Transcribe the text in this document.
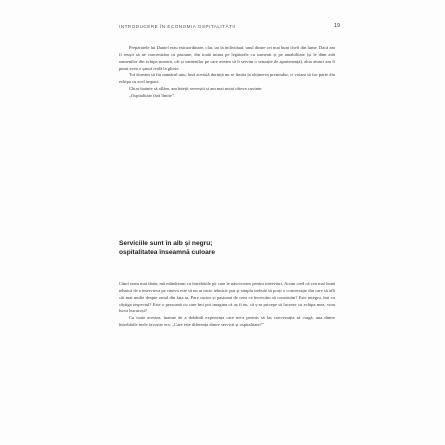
INTRODUCERE ÎN ECONOMIA OSPITALITĂȚII	19

Preparatele lui Daniel erau extraordinare, clar, iar la individual, unul dintre cei mai buni chefi din lume. Dacă am fi reușit să ne concentrăm cu pasiune, din toată inima pe legăturile cu oamenii și pe amabilitate (și le dăm atât oamenilor din echipa noastră, cât și oamenilor pe care aveam să îi servim o senzație de apartenență), abia atunci am fi putut avea o șansă reală la glorie.

Tot doream să fiu numărul unu, însă aceastã dorință nu se limita la obținerea premiului, ci voiam să fac parte din echipa cu acel impact.

Chiar înainte să aflăm, am întețit serveștii și am mai notat câteva cuvinte:

„Ospitalitate fără limite”.

Serviciile sunt în alb și negru;
ospitalitatea înseamnă culoare

Când eram mai tânăr, mă mândream cu întrebările pe care le născoceam pentru interviuri. Acum cred că cea mai bună tehnică de a intervieva pe cineva este să nu ai nicio tehnică: pur și simplu trebuie să porți o conversație din care să afli cât mai multe despre omul din fața ta. Pare curios și pasionat de ceea ce încercăm să construim? Este integru, îmi va câștiga respectul? Este o persoană cu care îmi pot imagina că aș fi eu, că ș-ar pricepe să lucreze cu echipa mea, vom lucra bucuroși?

Cu toate acestea, înainte de a dobândi experiența care mi-a permis să las conversația să curgă, una dintre întrebările mele favorite era: „Care este diferența dintre servicii și ospitalitate?”
